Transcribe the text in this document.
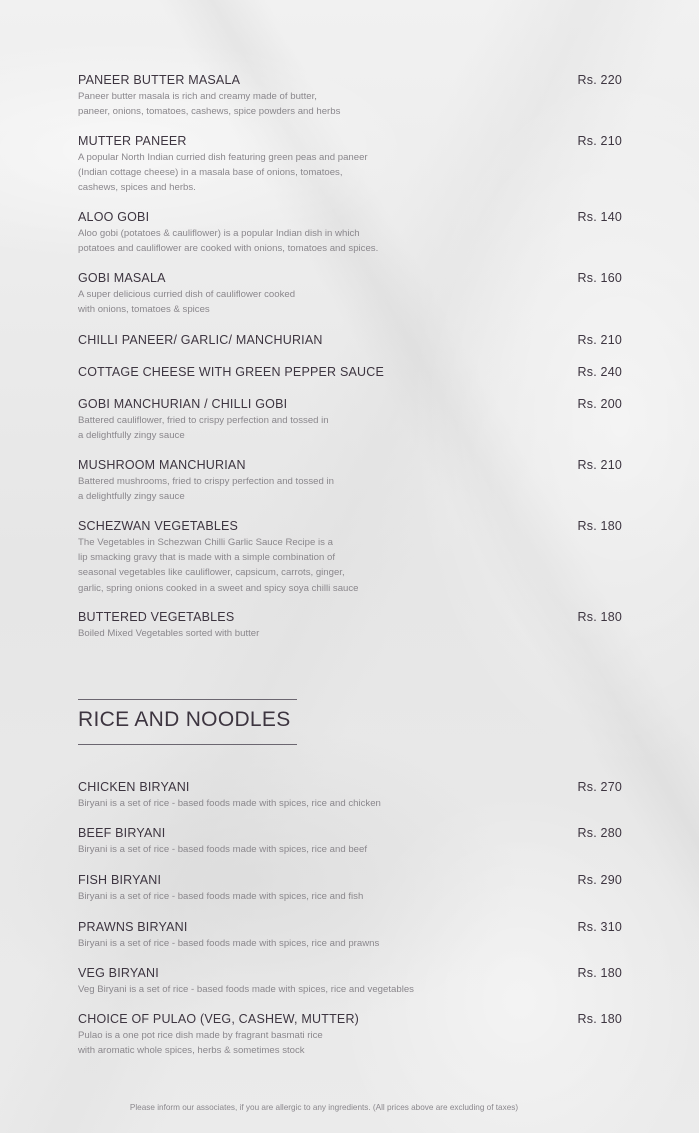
PANEER BUTTER MASALA	Rs. 220
Paneer butter masala is rich and creamy made of butter,
paneer, onions, tomatoes, cashews, spice powders and herbs
MUTTER PANEER	Rs. 210
A popular North Indian curried dish featuring green peas and paneer
(Indian cottage cheese) in a masala base of onions, tomatoes,
cashews, spices and herbs.
ALOO GOBI	Rs. 140
Aloo gobi (potatoes & cauliflower) is a popular Indian dish in which
potatoes and cauliflower are cooked with onions, tomatoes and spices.
GOBI MASALA	Rs. 160
A super delicious curried dish of cauliflower cooked
with onions, tomatoes & spices
CHILLI PANEER/ GARLIC/ MANCHURIAN	Rs. 210
COTTAGE CHEESE WITH GREEN PEPPER SAUCE	Rs. 240
GOBI MANCHURIAN / CHILLI GOBI	Rs. 200
Battered cauliflower, fried to crispy perfection and tossed in
a delightfully zingy sauce
MUSHROOM MANCHURIAN	Rs. 210
Battered mushrooms, fried to crispy perfection and tossed in
a delightfully zingy sauce
SCHEZWAN VEGETABLES	Rs. 180
The Vegetables in Schezwan Chilli Garlic Sauce Recipe is a
lip smacking gravy that is made with a simple combination of
seasonal vegetables like cauliflower, capsicum, carrots, ginger,
garlic, spring onions cooked in a sweet and spicy soya chilli sauce
BUTTERED VEGETABLES	Rs. 180
Boiled Mixed Vegetables sorted with butter
RICE AND NOODLES
CHICKEN BIRYANI	Rs. 270
Biryani is a set of rice - based foods made with spices, rice and chicken
BEEF BIRYANI	Rs. 280
Biryani is a set of rice - based foods made with spices, rice and beef
FISH BIRYANI	Rs. 290
Biryani is a set of rice - based foods made with spices, rice and fish
PRAWNS BIRYANI	Rs. 310
Biryani is a set of rice - based foods made with spices, rice and prawns
VEG BIRYANI	Rs. 180
Veg Biryani is a set of rice - based foods made with spices, rice and vegetables
CHOICE OF PULAO (VEG, CASHEW, MUTTER)	Rs. 180
Pulao is a one pot rice dish made by fragrant basmati rice
with aromatic whole spices, herbs & sometimes stock
Please inform our associates, if you are allergic to any ingredients. (All prices above are excluding of taxes)
